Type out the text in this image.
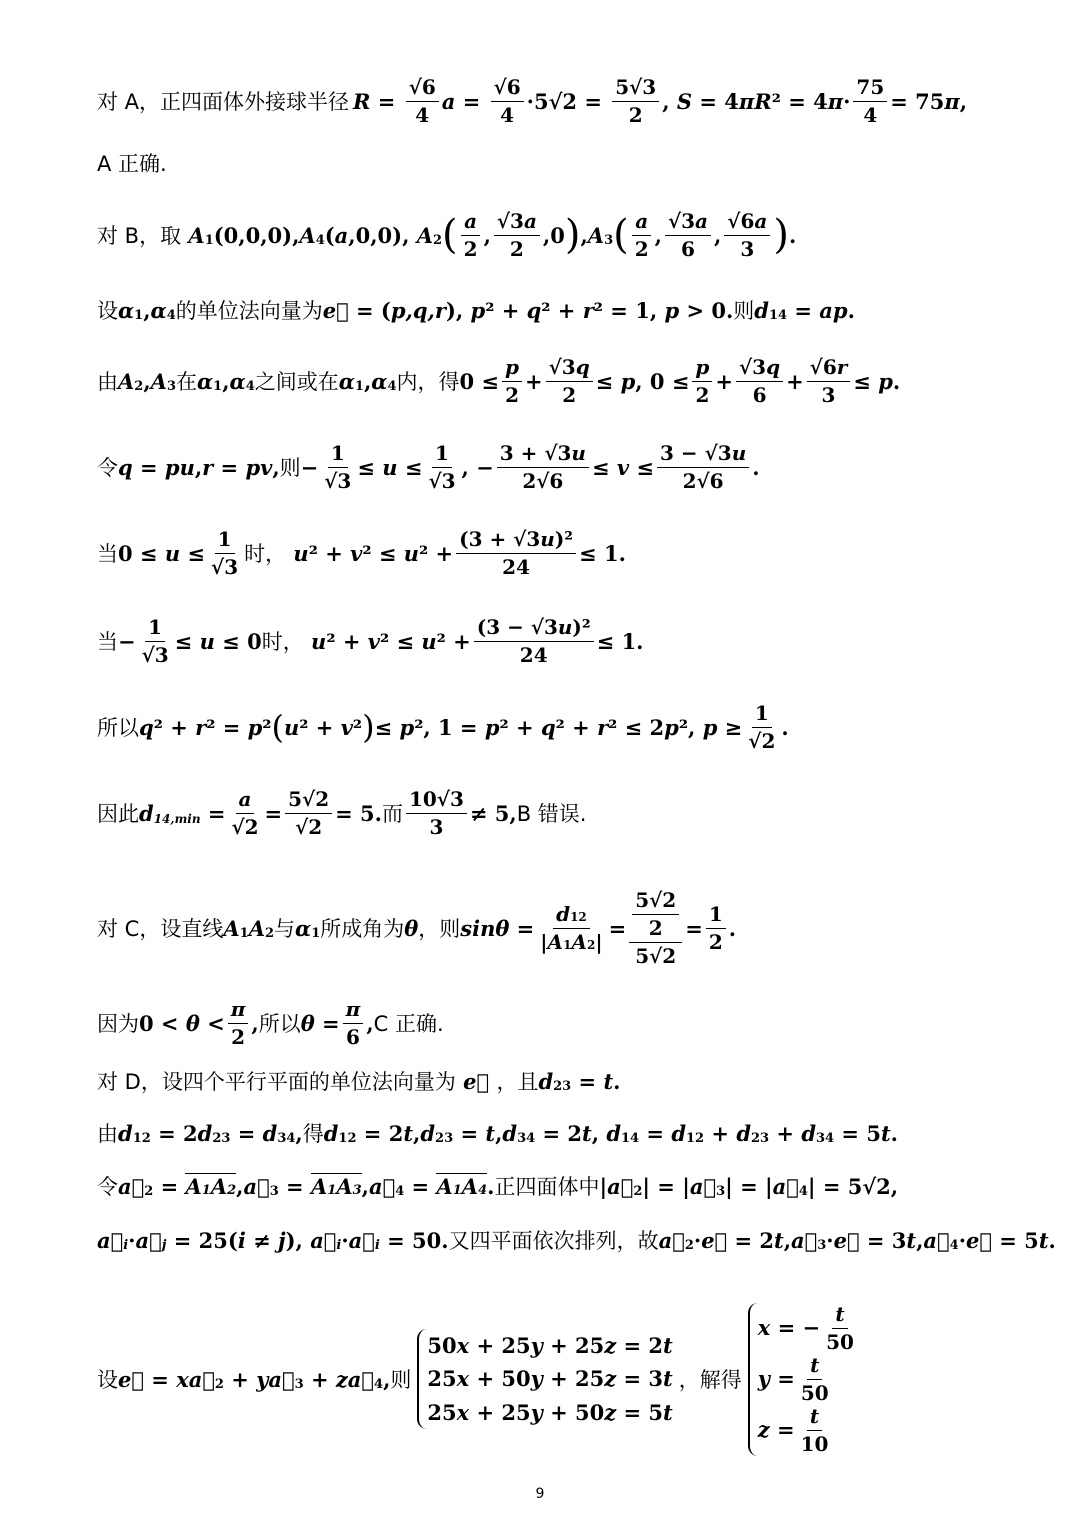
对 A，正四面体外接球半径 $R = \frac{√6}{4}$ $a = \frac{√6}{4} \cdot 5√2 = \frac{5√3}{2}$ , S = 4 πR ² = 4 $\pi \cdot \frac{75}{4} = 75$ π ,
A 正确.
对 B，取 A 1 (0,0,0), A 4 ( a ,0,0), A 2 ( $\frac{a}{2}$ , $\frac{√3a}{2} ,0$ ) , A 3 ( $\frac{a}{2}$ , $\frac{√3a}{6}$ , $\frac{√6a}{3}$ ) .
设 α 1 , α 4 的单位法向量为 e⃗ = ( p,q,r ), p ² + q ² + r ² = 1, p > 0. 则 d 14 = ap .
由 A 2 , A 3 在 α 1 , α 4 之间或在 α 1 , α 4 内，得 $0 \le \frac{p}{2} + \frac{√3q}{2} \le p$ , $0 \le \frac{p}{2} + \frac{√3q}{6} + \frac{√6r}{3} \le p$ .
令 q = pu , r = pv , 则 − $\frac{1}{√3} \le u \le \frac{1}{√3}$ , − $\frac{3 + √3u}{2√6} \le v \le \frac{3 - √3u}{2√6}$ .
当 $0 \le u \le \frac{1}{√3}$ 时， u ² + v ² ≤ u $^2 + \frac{\text{(3 + √3u)²}}{24} \le 1$.
当 − $\frac{1}{√3} \le u \le 0$ 时， u ² + v ² ≤ u $^2 + \frac{\text{(3 − √3u)²}}{24} \le 1$.
所以 q ² + r ² = p ² ( u ² + v ² ) ≤ p ², 1 = p ² + q ² + r ² ≤ 2 p ², $p \ge \frac{1}{√2}$ .
因此 d $14,\min = \frac{a}{√2} = \frac{5√2}{√2} = 5$. 而 $\frac{10√3}{3} \ne 5$, B 错误.
对 C，设直线 A 1 A 2 与 α 1 所成角为 θ ，则 $\sin\theta = \frac{d12}{|A1A2|} = \frac{\frac{5√2}{2}}{5√2} = \frac{1}{2}$ .
因为 $0 < \theta < \frac{\pi}{2}$ , 所以 $\theta = \frac{\pi}{6}$ , C 正确.
对 D，设四个平行平面的单位法向量为 e⃗ ，且 d 23 = t .
由 d 12 = 2 d 23 = d 34 , 得 d 12 = 2 t , d 23 = t , d 34 = 2 t , d 14 = d 12 + d 23 + d 34 = 5 t .
令 a⃗ 2 = A1A2 , a⃗ 3 = A1A3 , a⃗ 4 = A1A4 . 正四面体中 | a⃗ 2 | = | a⃗ 3 | = | a⃗ 4 | = 5√2,
a⃗ i · a⃗ j = 25( i ≠ j ), a⃗ i · a⃗ i = 50. 又四平面依次排列，故 a⃗ 2 · e⃗ = 2 t , a⃗ 3 · e⃗ = 3 t , a⃗ 4 · e⃗ = 5 t .
设 e⃗ = xa⃗ 2 + ya⃗ 3 + za⃗ 4 , 则
50x + 25y + 25z = 2t
25x + 50y + 25z = 3t
25x + 25y + 50z = 5t
，解得
x = − $\frac{t}{50}$
$y = \frac{t}{50}$
$z = \frac{t}{10}$
9
